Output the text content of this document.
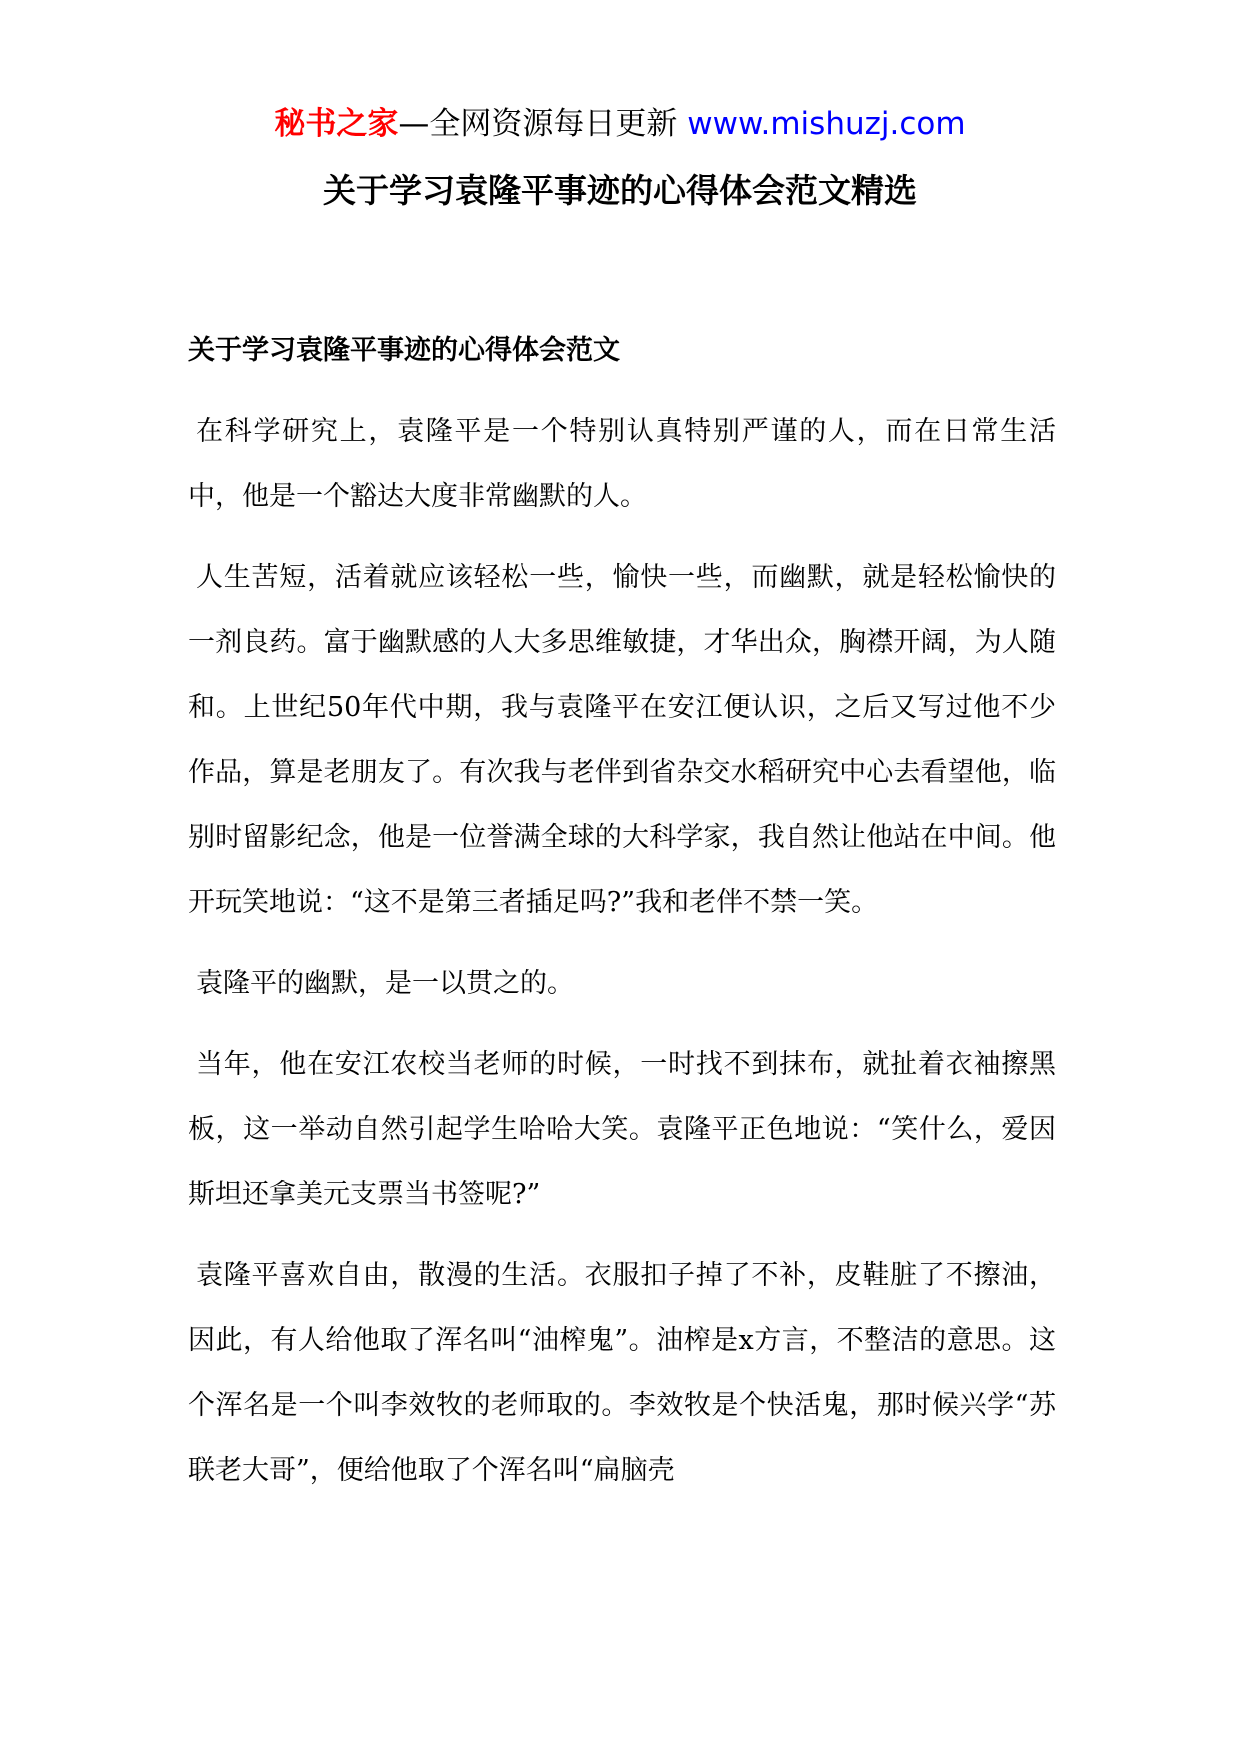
秘书之家—全网资源每日更新 www.mishuzj.com
关于学习袁隆平事迹的心得体会范文精选
关于学习袁隆平事迹的心得体会范文

在科学研究上，袁隆平是一个特别认真特别严谨的人，而在日常生活中，他是一个豁达大度非常幽默的人。

人生苦短，活着就应该轻松一些，愉快一些，而幽默，就是轻松愉快的一剂良药。富于幽默感的人大多思维敏捷，才华出众，胸襟开阔，为人随和。上世纪50年代中期，我与袁隆平在安江便认识，之后又写过他不少作品，算是老朋友了。有次我与老伴到省杂交水稻研究中心去看望他，临别时留影纪念，他是一位誉满全球的大科学家，我自然让他站在中间。他开玩笑地说：“这不是第三者插足吗?”我和老伴不禁一笑。

袁隆平的幽默，是一以贯之的。

当年，他在安江农校当老师的时候，一时找不到抹布，就扯着衣袖擦黑板，这一举动自然引起学生哈哈大笑。袁隆平正色地说：“笑什么，爱因斯坦还拿美元支票当书签呢?”

袁隆平喜欢自由，散漫的生活。衣服扣子掉了不补，皮鞋脏了不擦油，因此，有人给他取了浑名叫“油榨鬼”。油榨是x方言，不整洁的意思。这个浑名是一个叫李效牧的老师取的。李效牧是个快活鬼，那时候兴学“苏联老大哥”，便给他取了个浑名叫“扁脑壳
